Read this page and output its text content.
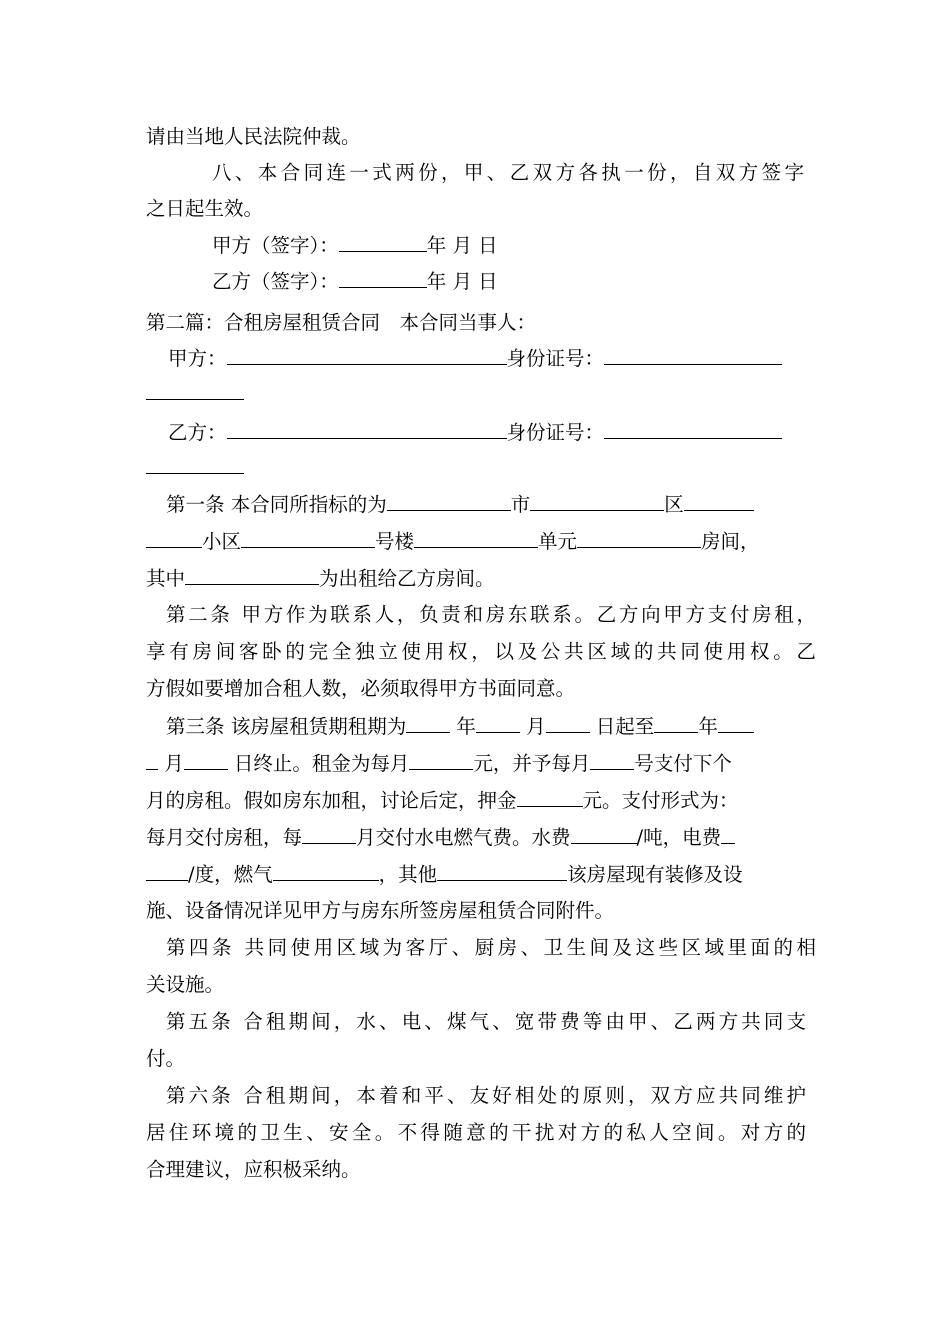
请由当地人民法院仲裁。
八、本合同连一式两份，甲、乙双方各执一份，自双方签字
之日起生效。
甲方（签字）：	年 月 日
乙方（签字）：	年 月 日
第二篇：合租房屋租赁合同　本合同当事人：
甲方：	身份证号：
乙方：	身份证号：
第一条 本合同所指标的为	市	区
小区	号楼	单元	房间，
其中	为出租给乙方房间。
第二条 甲方作为联系人，负责和房东联系。乙方向甲方支付房租，
享有房间客卧的完全独立使用权，以及公共区域的共同使用权。乙
方假如要增加合租人数，必须取得甲方书面同意。
第三条 该房屋租赁期租期为 年 月 日起至 年
月 日终止。租金为每月	元，并予每月 号支付下个
月的房租。假如房东加租，讨论后定，押金	元。支付形式为：
每月交付房租，每	月交付水电燃气费。水费	/吨，电费
/度，燃气	，其他	该房屋现有装修及设
施、设备情况详见甲方与房东所签房屋租赁合同附件。
第四条 共同使用区域为客厅、厨房、卫生间及这些区域里面的相
关设施。
第五条 合租期间，水、电、煤气、宽带费等由甲、乙两方共同支
付。
第六条 合租期间，本着和平、友好相处的原则，双方应共同维护
居住环境的卫生、安全。不得随意的干扰对方的私人空间。对方的
合理建议，应积极采纳。
